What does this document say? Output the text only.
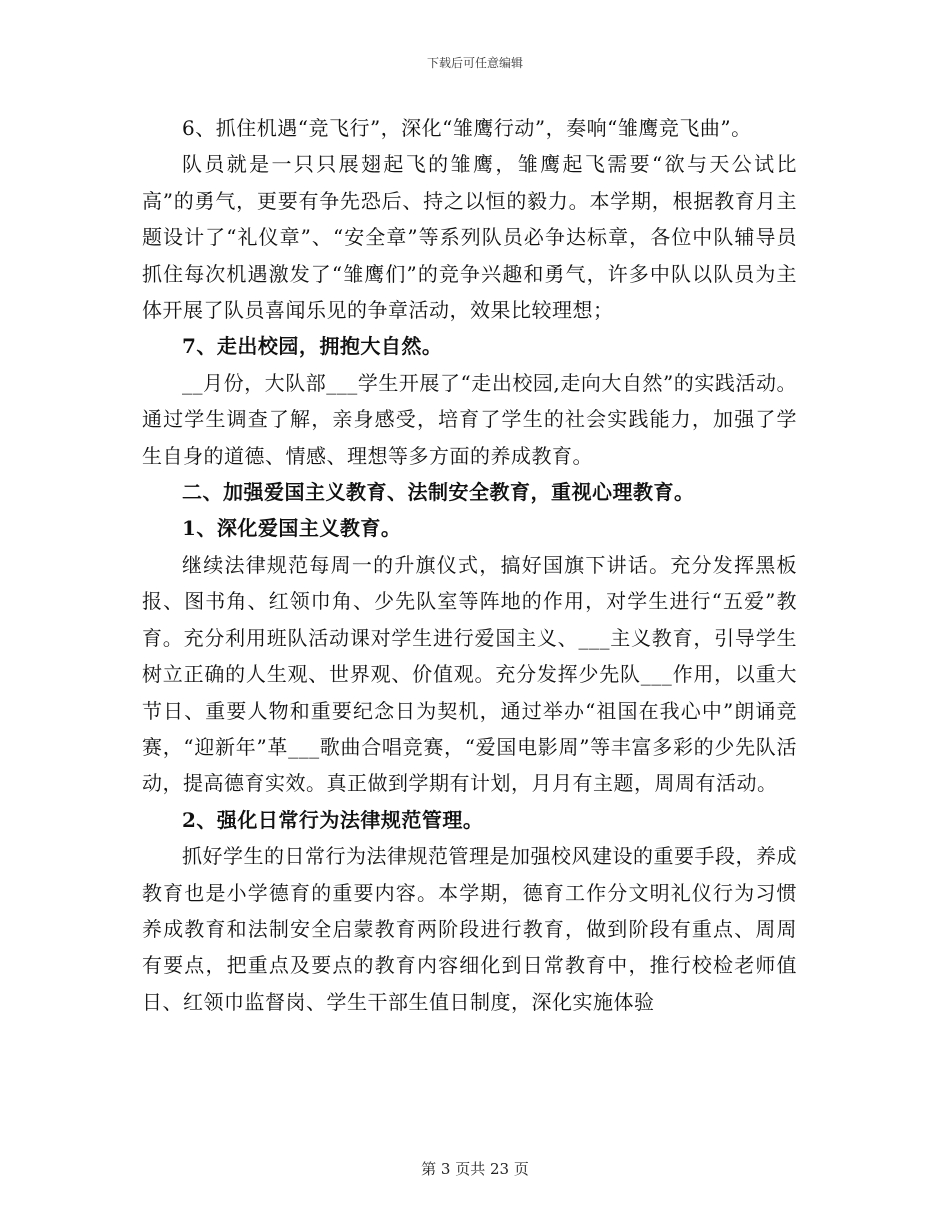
下载后可任意编辑

6、抓住机遇“竞飞行”，深化“雏鹰行动”，奏响“雏鹰竞飞曲”。

队员就是一只只展翅起飞的雏鹰，雏鹰起飞需要“欲与天公试比高”的勇气，更要有争先恐后、持之以恒的毅力。本学期，根据教育月主题设计了“礼仪章”、“安全章”等系列队员必争达标章，各位中队辅导员抓住每次机遇激发了“雏鹰们”的竞争兴趣和勇气，许多中队以队员为主体开展了队员喜闻乐见的争章活动，效果比较理想；

7、走出校园，拥抱大自然。

__月份，大队部___学生开展了“走出校园,走向大自然”的实践活动。通过学生调查了解，亲身感受，培育了学生的社会实践能力，加强了学生自身的道德、情感、理想等多方面的养成教育。

二、加强爱国主义教育、法制安全教育，重视心理教育。

1、深化爱国主义教育。

继续法律规范每周一的升旗仪式，搞好国旗下讲话。充分发挥黑板报、图书角、红领巾角、少先队室等阵地的作用，对学生进行“五爱”教育。充分利用班队活动课对学生进行爱国主义、___主义教育，引导学生树立正确的人生观、世界观、价值观。充分发挥少先队___作用，以重大节日、重要人物和重要纪念日为契机，通过举办“祖国在我心中”朗诵竞赛，“迎新年”革___歌曲合唱竞赛，“爱国电影周”等丰富多彩的少先队活动，提高德育实效。真正做到学期有计划，月月有主题，周周有活动。

2、强化日常行为法律规范管理。

抓好学生的日常行为法律规范管理是加强校风建设的重要手段，养成教育也是小学德育的重要内容。本学期，德育工作分文明礼仪行为习惯养成教育和法制安全启蒙教育两阶段进行教育，做到阶段有重点、周周有要点，把重点及要点的教育内容细化到日常教育中，推行校检老师值日、红领巾监督岗、学生干部生值日制度，深化实施体验

第 3 页共 23 页
